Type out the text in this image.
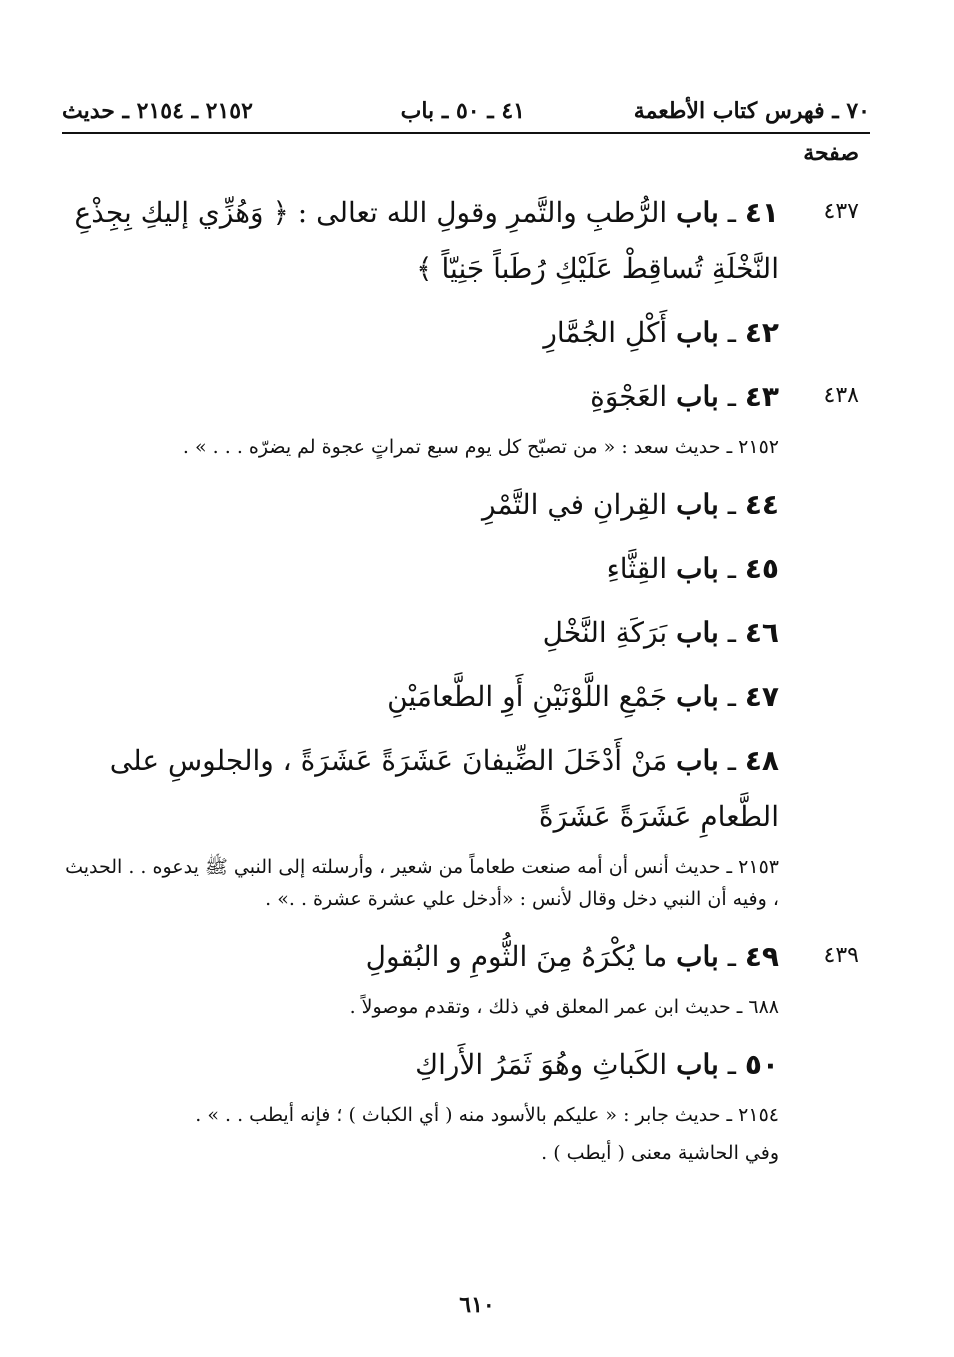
٧٠ ـ فهرس كتاب الأطعمة
٤١ ـ ٥٠ ـ باب
٢١٥٢ ـ ٢١٥٤ ـ حديث
صفحة
٤٣٧
٤١ ـ باب الرُّطبِ والتَّمرِ وقولِ الله تعالى : ﴿ وَهُزِّي إليكِ بِجِذْعِ النَّخْلَةِ تُساقِطْ عَلَيْكِ رُطَباً جَنِيّاً ﴾
٤٢ ـ باب أَكْلِ الجُمَّارِ
٤٣٨
٤٣ ـ باب العَجْوَةِ
٢١٥٢ ـ حديث سعد : « من تصبّح كل يوم سبع تمراتٍ عجوة لم يضرّه . . . » .
٤٤ ـ باب القِرانِ في التَّمْرِ
٤٥ ـ باب القِثَّاءِ
٤٦ ـ باب بَرَكَةِ النَّخْلِ
٤٧ ـ باب جَمْعِ اللَّوْنَيْنِ أَوِ الطَّعامَيْنِ
٤٨ ـ باب مَنْ أَدْخَلَ الضِّيفانَ عَشَرَةً عَشَرَةً ، والجلوسِ على الطَّعامِ عَشَرَةً عَشَرَةً
٢١٥٣ ـ حديث أنس أن أمه صنعت طعاماً من شعير ، وأرسلته إلى النبي ﷺ يدعوه . . الحديث ، وفيه أن النبي دخل وقال لأنس : «أدخل علي عشرة عشرة . .» .
٤٣٩
٤٩ ـ باب ما يُكْرَهُ مِنَ الثُّومِ و البُقولِ
٦٨٨ ـ حديث ابن عمر المعلق في ذلك ، وتقدم موصولاً .
٥٠ ـ باب الكَباثِ وهُوَ ثَمَرُ الأَراكِ
٢١٥٤ ـ حديث جابر : « عليكم بالأسود منه ( أي الكباث ) ؛ فإنه أيطب . . » .
وفي الحاشية معنى ( أيطب ) .
٦١٠
